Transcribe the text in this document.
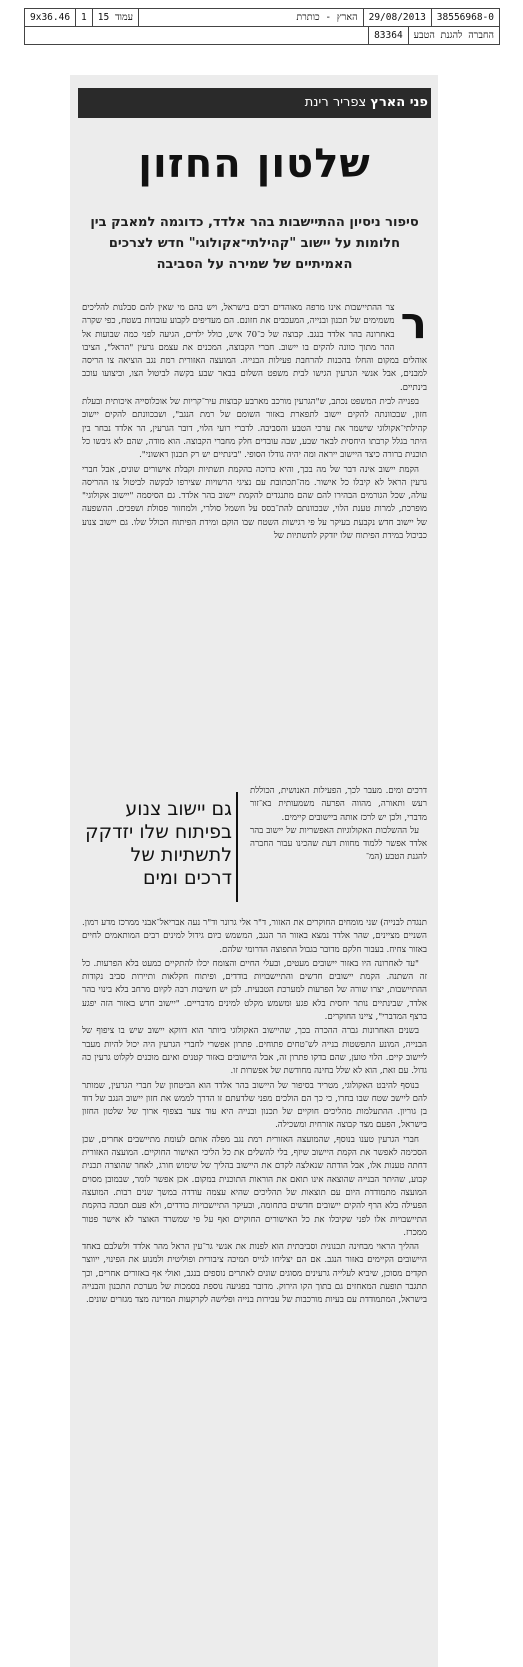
38556968-0
29/08/2013
הארץ - כותרת
עמוד 15
1
9x36.46
החברה להגנת הטבע
83364
פני הארץ צפריר רינת
שלטון החזון
סיפור ניסיון ההתיישבות בהר אלדד, כדוגמה למאבק בין חלומות על יישוב "קהילתי־אקולוגי" חדש לצרכים האמיתיים של שמירה על הסביבה
ר

צר ההתיישבות אינו מרפה מאוהדים רבים בישראל, ויש בהם מי שאין להם סבלנות להליכים משמימים של תכנון ובנייה, המעכבים את חזונם. הם מעדיפים לקבוע עובדות בשטח, כפי שקרה באחרונה בהר אלדד בנגב. קבוצה של כ־70 איש, כולל ילדים, הגיעה לפני כמה שבועות אל ההר מתוך כוונה להקים בו יישוב. חברי הקבוצה, המכנים את עצמם גרעין "הראל", הציבו אוהלים במקום והחלו בהכנות להרחבת פעילות הבנייה. המועצה האזורית רמת נגב הוציאה צו הריסה למבנים, אבל אנשי הגרעין הגישו לבית משפט השלום בבאר שבע בקשה לביטול הצו, וביצועו עוכב בינתיים.

בפנייה לבית המשפט נכתב, ש"הגרעין מורכב מארבע קבוצות עיר־קריות של אוכלוסייה איכותית ובעלת חזון, שבכוונתה להקים יישוב לתפארת באזור השומם של רמת הנגב", ושבכוונתם להקים יישוב קהילתי־אקולוגי שישמר את ערכי הטבע והסביבה. לדברי רועי הלוי, דובר הגרעין, הר אלדד נבחר בין היתר בגלל קרבתו היחסית לבאר שבע, שבה עובדים חלק מחברי הקבוצה. הוא מודה, שהם לא גיבשו כל תוכנית ברורה כיצד היישוב ייראה ומה יהיה גודלו הסופי. "בינתיים יש רק תכנון ראשוני".

הקמת יישוב אינה דבר של מה בכך, והיא כרוכה בהקמת תשתיות וקבלת אישורים שונים, אבל חברי גרעין הראל לא קיבלו כל אישור. מה־תכתובת עם נציגי הרשויות שצירפו לבקשה לביטול צו ההריסה עולה, שכל הגורמים הבהירו להם שהם מתנגדים להקמת יישוב בהר אלדד. גם הסיסמה "יישוב אקולוגי" מופרכת, למרות טענת הלוי, שבכוונתם להת־בסס על חשמל סולרי, ולמחזור פסולת ושפכים. ההשפעה של יישוב חדש נקבעת בעיקר על פי רגישות השטח שבו הוקם ומידת הפיתוח הכולל שלו. גם יישוב צנוע כביכול במידת הפיתוח שלו יזדקק לתשתיות של

דרכים ומים. מעבר לכך, הפעילות האנושית, הכוללת רעש ותאורה, מהווה הפרעה משמעותית בא־זור מדברי, ולכן יש לרכז אותה ביישובים קיימים.

על ההשלכות האקולוגיות האפשריות של יישוב בהר אלדד אפשר ללמוד מחוות דעת שהכינו עבור החברה להגנת הטבע (המ־

גם יישוב צנוע בפיתוח שלו יזדקק לתשתיות של דרכים ומים

תנגדת לבנייה) שני מומחים החוקרים את האזור, ד"ר אלי גרונר וד"ר נעה אבריאל־אבני ממרכז מדע רמון. השניים מציינים, שהר אלדד נמצא באזור הר הנגב, המשמש כיום גידול למינים רבים המותאמים לחיים באזור צחיח. בעבור חלקם מדובר בגבול התפוצה הדרומי שלהם.

"עד לאחרונה היו באזור יישובים מעטים, ובעלי החיים והצומח יכלו להתקיים כמעט בלא הפרעות. כל זה השתנה. הקמת יישובים חדשים והתיישבויות בודדים, ופיתוח חקלאות ותיירות סביב נקודות ההתיישבות, יצרו שורה של הפרעות למערכת הטבעית. לכן יש חשיבות רבה לקיום מרחב בלא בינוי בהר אלדד, שבינתיים נותר יחסית בלא פגע ומשמש מקלט למינים מדבריים. "יישוב חדש באזור הזה יפגע ברצף המדברי", ציינו החוקרים.

בשנים האחרונות גברה ההכרה בכך, שהיישוב האקולוגי ביותר הוא דווקא יישוב שיש בו ציפוף של הבנייה, המונע התפשטות בנייה לש־טחים פתוחים. פתרון אפשרי לחברי הגרעין היה יכול להיות מעבר ליישוב קיים. הלוי טוען, שהם בדקו פתרון זה, אבל היישובים באזור קטנים ואינם מוכנים לקלוט גרעין כה גדול. עם זאת, הוא לא שלל בחינה מחודשת של אפשרות זו.

בנוסף להיבט האקולוגי, מטריד בסיפור של היישוב בהר אלדד הוא הביטחון של חברי הגרעין, שמותר להם ליישב שטח שבו בחרו, כי כך הם הולכים מפני שלדעתם זו הדרך לממש את חזון יישוב הנגב של דוד בן גוריון. ההתעלמות מהליכים חוקיים של תכנון ובנייה היא עוד צעד בצפוף ארוך של שלטון החזון בישראל, הפעם מצד קבוצה אזרחית ומשכילה.

חברי הגרעין טענו בנוסף, שהמועצה האזורית רמת נגב מפלה אותם לעומת מתיישבים אחרים, שכן הסכימה לאפשר את הקמת היישוב שיזף, בלי להשלים את כל הליכי האישור החוקיים. המועצה האזורית דחתה טענות אלו, אבל הודתה שנאלצה לקדם את היישוב בהליך של שימוש חורג, לאחר שהוצרה תכנית קבוע, שהיתר הבנייה שהוצאה אינו תואם את הוראות התוכנית במקום. אכן אפשר לומר, שבמובן מסוים המועצה מתמודדת היום עם תוצאות של תהליכים שהיא עצמה עודדה במשך שנים רבות. המועצה הפעילה בלא הרף להקים יישובים חדשים בתחומה, ובעיקר התיישבויות בודדים, ולא פעם תמכה בהקמת התיישבויות אלו לפני שקיבלו את כל האישורים החוקיים ואף על פי שמשרד האוצר לא אישר פטור ממכרז.

ההליך הראוי מבחינה תכנונית וסביבתית הוא לפנות את אנשי גר־עין הראל מהר אלדד ולשלבם באחד היישובים הקיימים באזור הנגב. אם הם יצליחו לגייס תמיכה ציבורית ופוליטית ולמנוע את הפינוי, ייווצר תקדים מסוכן, שיביא לעלייה גרעינים מסוגים שונים לאתרים נוספים בנגב, ואולי אף באזורים אחרים, וכך תתגבר תופעת המאחזים גם בתוך הקו הירוק. מדובר בפגיעה נוספת בסמכות של מערכת התכנון והבנייה בישראל, המתמודדת עם בעיות מורכבות של עבירות בנייה ופלישה לקרקעות המדינה מצד מגזרים שונים.
